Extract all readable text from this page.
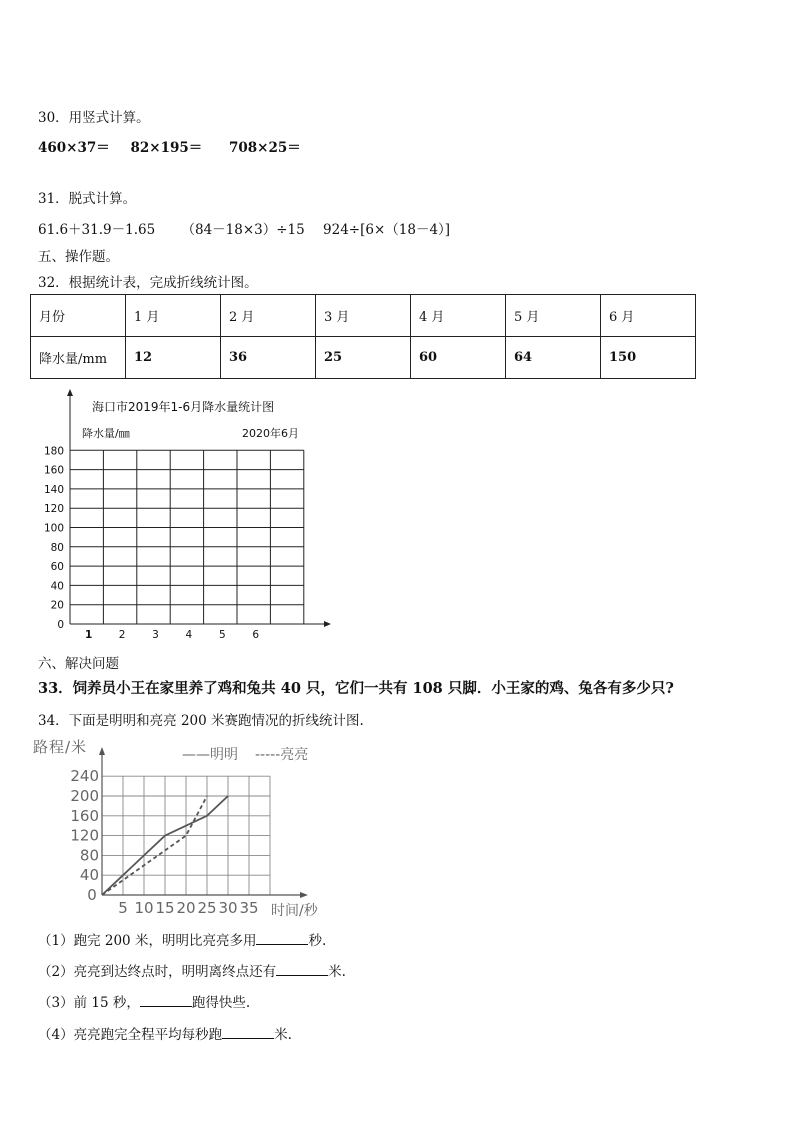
30．用竖式计算。
460×37＝ 82×195＝ 708×25＝
31．脱式计算。
61.6＋31.9－1.65 （84－18×3）÷15 924÷[6×（18－4）]
五、操作题。
32．根据统计表，完成折线统计图。
月份	1 月	2 月	3 月	4 月	5 月	6 月
降水量/mm	12	36	25	60	64	150
0
20
40
60
80
100
120
140
160
180
1	2	3	4	5	6
海口市2019年1-6月降水量统计图
降水量/㎜	2020年6月
六、解决问题
33．饲养员小王在家里养了鸡和兔共 40 只，它们一共有 108 只脚．小王家的鸡、兔各有多少只?
34．下面是明明和亮亮 200 米赛跑情况的折线统计图.
40
80
120
160
200
240
0
5 10 15 20 25 30 35
路程/米
时间/秒
——明明 -----亮亮
（1）跑完 200 米，明明比亮亮多用	秒.
（2）亮亮到达终点时，明明离终点还有	米.
（3）前 15 秒，	跑得快些.
（4）亮亮跑完全程平均每秒跑	米.
